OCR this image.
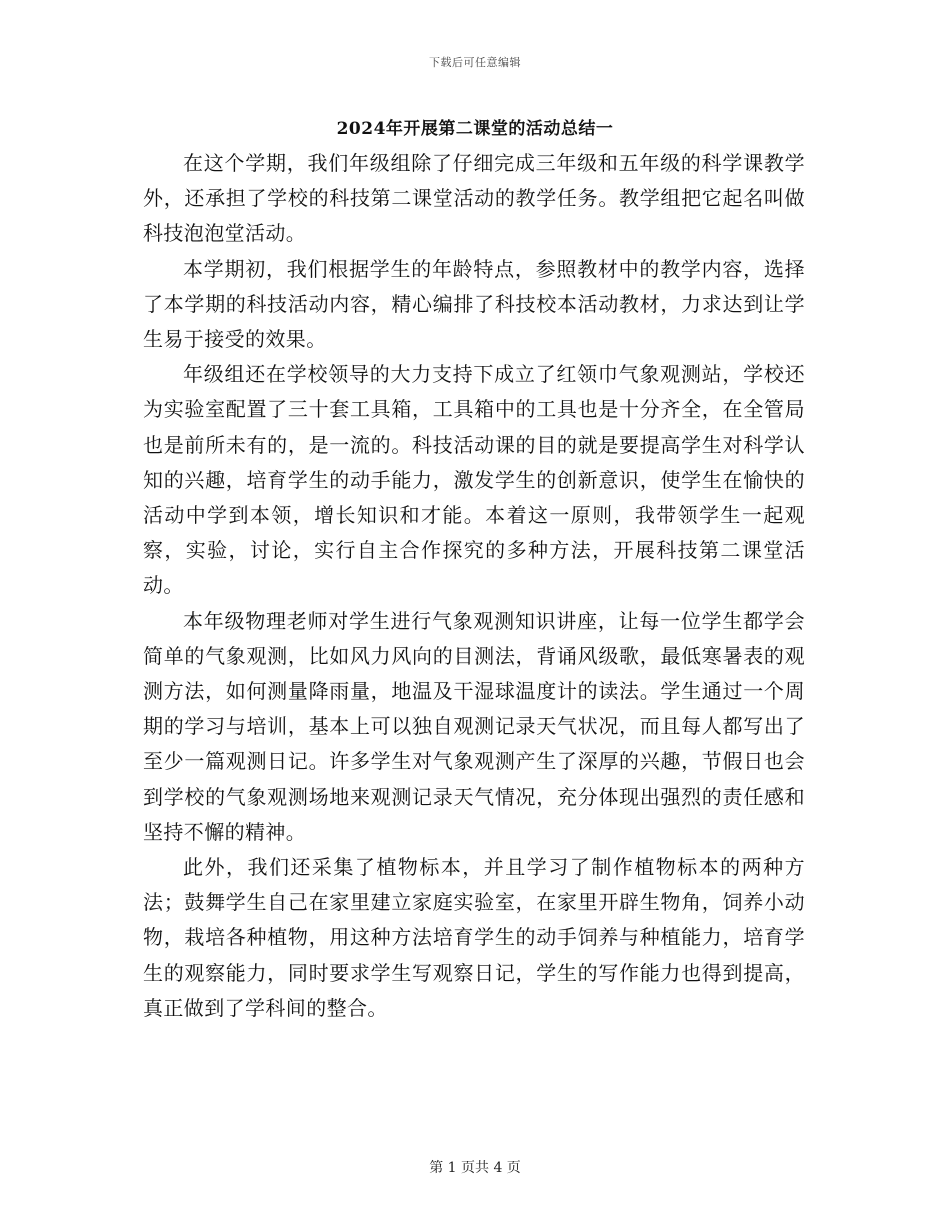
下载后可任意编辑
2024年开展第二课堂的活动总结一

在这个学期，我们年级组除了仔细完成三年级和五年级的科学课教学外，还承担了学校的科技第二课堂活动的教学任务。教学组把它起名叫做科技泡泡堂活动。

本学期初，我们根据学生的年龄特点，参照教材中的教学内容，选择了本学期的科技活动内容，精心编排了科技校本活动教材，力求达到让学生易于接受的效果。

年级组还在学校领导的大力支持下成立了红领巾气象观测站，学校还为实验室配置了三十套工具箱，工具箱中的工具也是十分齐全，在全管局也是前所未有的，是一流的。科技活动课的目的就是要提高学生对科学认知的兴趣，培育学生的动手能力，激发学生的创新意识，使学生在愉快的活动中学到本领，增长知识和才能。本着这一原则，我带领学生一起观察，实验，讨论，实行自主合作探究的多种方法，开展科技第二课堂活动。

本年级物理老师对学生进行气象观测知识讲座，让每一位学生都学会简单的气象观测，比如风力风向的目测法，背诵风级歌，最低寒暑表的观测方法，如何测量降雨量，地温及干湿球温度计的读法。学生通过一个周期的学习与培训，基本上可以独自观测记录天气状况，而且每人都写出了至少一篇观测日记。许多学生对气象观测产生了深厚的兴趣，节假日也会到学校的气象观测场地来观测记录天气情况，充分体现出强烈的责任感和坚持不懈的精神。

此外，我们还采集了植物标本，并且学习了制作植物标本的两种方法；鼓舞学生自己在家里建立家庭实验室，在家里开辟生物角，饲养小动物，栽培各种植物，用这种方法培育学生的动手饲养与种植能力，培育学生的观察能力，同时要求学生写观察日记，学生的写作能力也得到提高，真正做到了学科间的整合。

第 1 页共 4 页
